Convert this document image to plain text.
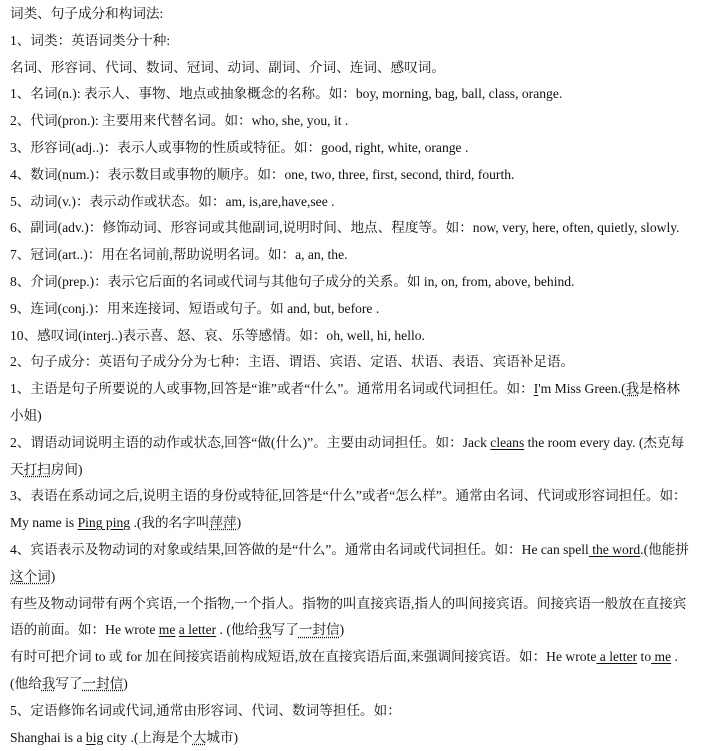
词类、句子成分和构词法:
1、词类：英语词类分十种:
名词、形容词、代词、数词、冠词、动词、副词、介词、连词、感叹词。
1、名词(n.): 表示人、事物、地点或抽象概念的名称。如：boy, morning, bag, ball, class, orange.
2、代词(pron.): 主要用来代替名词。如：who, she, you, it .
3、形容词(adj..)：表示人或事物的性质或特征。如：good, right, white, orange .
4、数词(num.)：表示数目或事物的顺序。如：one, two, three, first, second, third, fourth.
5、动词(v.)：表示动作或状态。如：am, is,are,have,see .
6、副词(adv.)：修饰动词、形容词或其他副词,说明时间、地点、程度等。如：now, very, here, often, quietly, slowly.
7、冠词(art..)：用在名词前,帮助说明名词。如：a, an, the.
8、介词(prep.)：表示它后面的名词或代词与其他句子成分的关系。如 in, on, from, above, behind.
9、连词(conj.)：用来连接词、短语或句子。如 and, but, before .
10、感叹词(interj..)表示喜、怒、哀、乐等感情。如：oh, well, hi, hello.
2、句子成分：英语句子成分分为七种：主语、谓语、宾语、定语、状语、表语、宾语补足语。
1、主语是句子所要说的人或事物,回答是“谁”或者“什么”。通常用名词或代词担任。如：I'm Miss Green.(我是格林
小姐)
2、谓语动词说明主语的动作或状态,回答“做(什么)”。主要由动词担任。如：Jack cleans the room every day. (杰克每
天打扫房间)
3、表语在系动词之后,说明主语的身份或特征,回答是“什么”或者“怎么样”。通常由名词、代词或形容词担任。如：
My name is Ping ping .(我的名字叫萍萍)
4、宾语表示及物动词的对象或结果,回答做的是“什么”。通常由名词或代词担任。如：He can spell the word.(他能拼
这个词)
有些及物动词带有两个宾语,一个指物,一个指人。指物的叫直接宾语,指人的叫间接宾语。间接宾语一般放在直接宾
语的前面。如：He wrote me a letter . (他给我写了一封信)
有时可把介词 to 或 for 加在间接宾语前构成短语,放在直接宾语后面,来强调间接宾语。如：He wrote a letter to me .
(他给我写了一封信)
5、定语修饰名词或代词,通常由形容词、代词、数词等担任。如：
Shanghai is a big city .(上海是个大城市)
